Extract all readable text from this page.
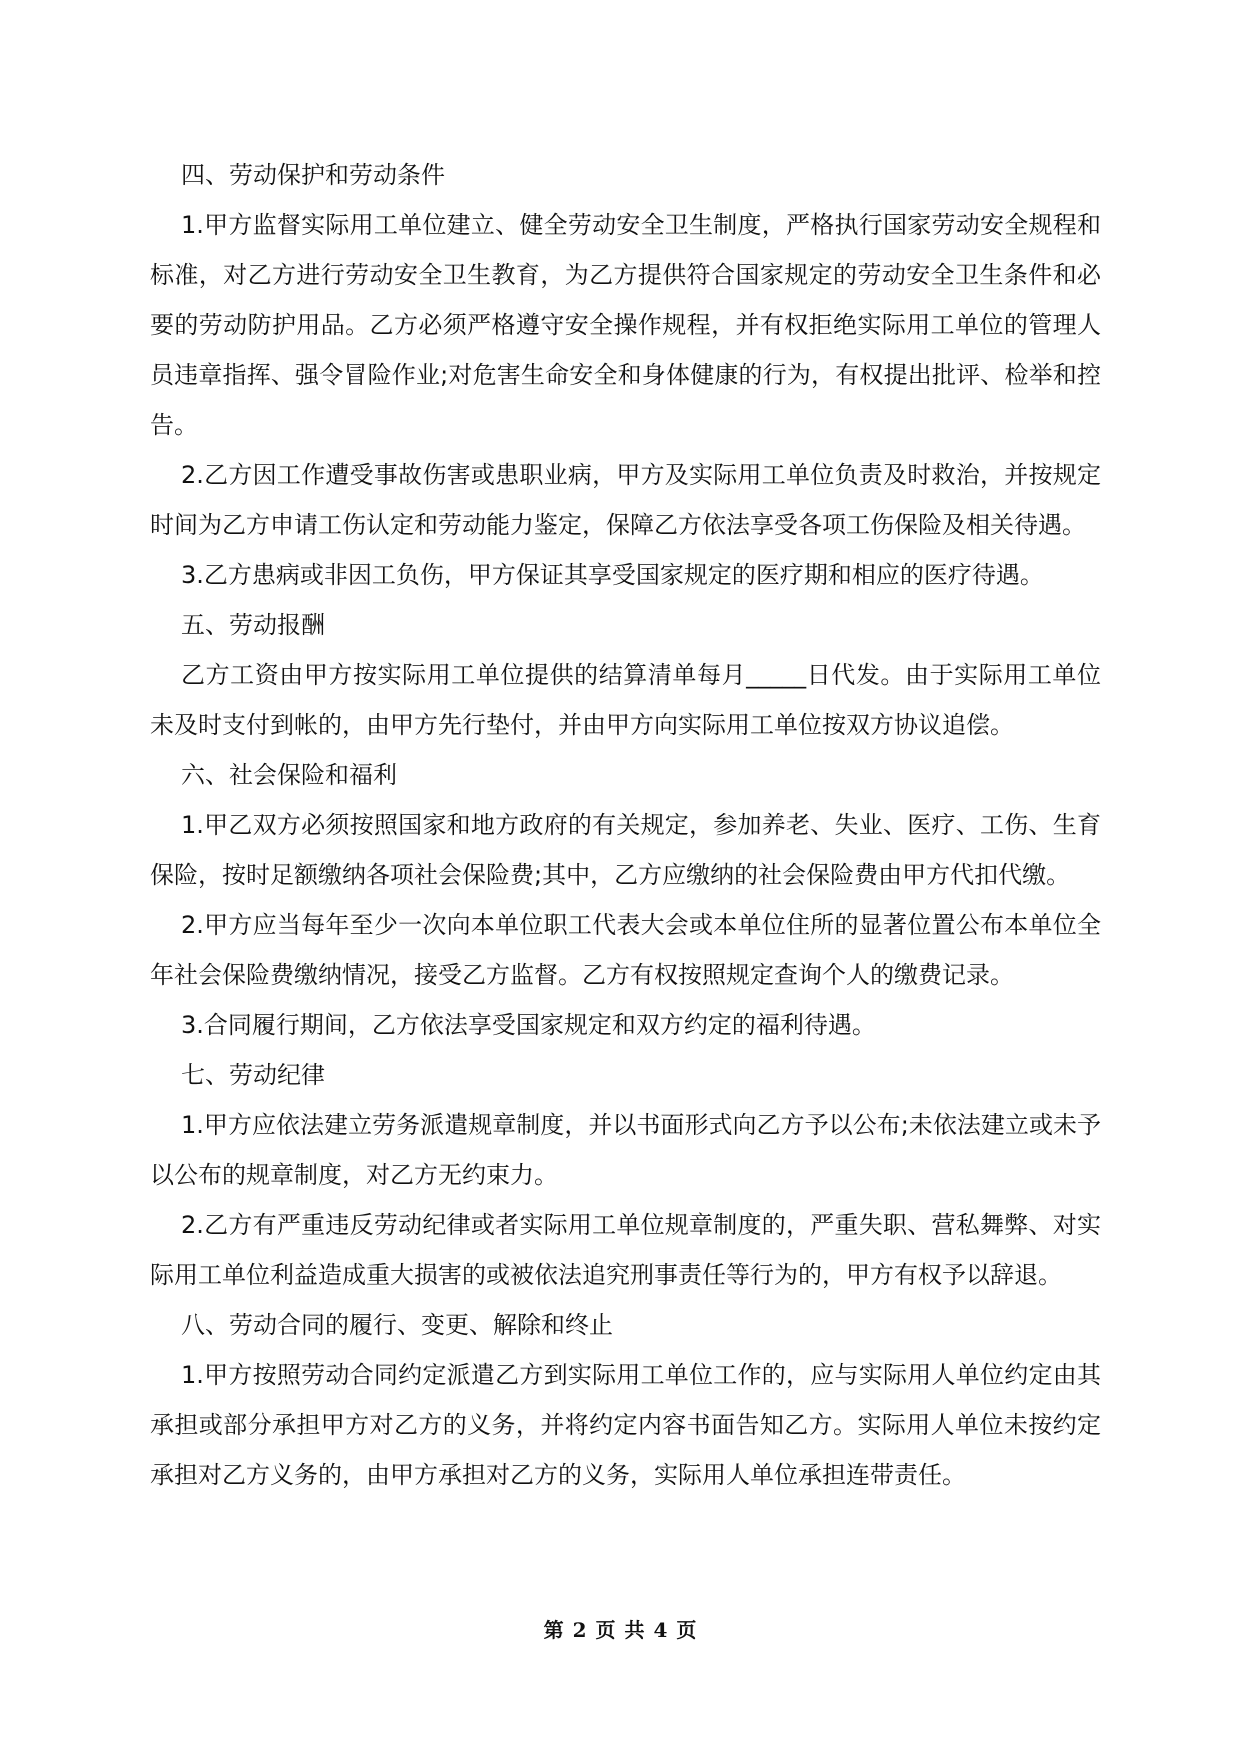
四、劳动保护和劳动条件

1.甲方监督实际用工单位建立、健全劳动安全卫生制度，严格执行国家劳动安全规程和标准，对乙方进行劳动安全卫生教育，为乙方提供符合国家规定的劳动安全卫生条件和必要的劳动防护用品。乙方必须严格遵守安全操作规程，并有权拒绝实际用工单位的管理人员违章指挥、强令冒险作业;对危害生命安全和身体健康的行为，有权提出批评、检举和控告。

2.乙方因工作遭受事故伤害或患职业病，甲方及实际用工单位负责及时救治，并按规定时间为乙方申请工伤认定和劳动能力鉴定，保障乙方依法享受各项工伤保险及相关待遇。

3.乙方患病或非因工负伤，甲方保证其享受国家规定的医疗期和相应的医疗待遇。

五、劳动报酬

乙方工资由甲方按实际用工单位提供的结算清单每月_____日代发。由于实际用工单位未及时支付到帐的，由甲方先行垫付，并由甲方向实际用工单位按双方协议追偿。

六、社会保险和福利

1.甲乙双方必须按照国家和地方政府的有关规定，参加养老、失业、医疗、工伤、生育保险，按时足额缴纳各项社会保险费;其中，乙方应缴纳的社会保险费由甲方代扣代缴。

2.甲方应当每年至少一次向本单位职工代表大会或本单位住所的显著位置公布本单位全年社会保险费缴纳情况，接受乙方监督。乙方有权按照规定查询个人的缴费记录。

3.合同履行期间，乙方依法享受国家规定和双方约定的福利待遇。

七、劳动纪律

1.甲方应依法建立劳务派遣规章制度，并以书面形式向乙方予以公布;未依法建立或未予以公布的规章制度，对乙方无约束力。

2.乙方有严重违反劳动纪律或者实际用工单位规章制度的，严重失职、营私舞弊、对实际用工单位利益造成重大损害的或被依法追究刑事责任等行为的，甲方有权予以辞退。

八、劳动合同的履行、变更、解除和终止

1.甲方按照劳动合同约定派遣乙方到实际用工单位工作的，应与实际用人单位约定由其承担或部分承担甲方对乙方的义务，并将约定内容书面告知乙方。实际用人单位未按约定承担对乙方义务的，由甲方承担对乙方的义务，实际用人单位承担连带责任。

第 2 页 共 4 页
